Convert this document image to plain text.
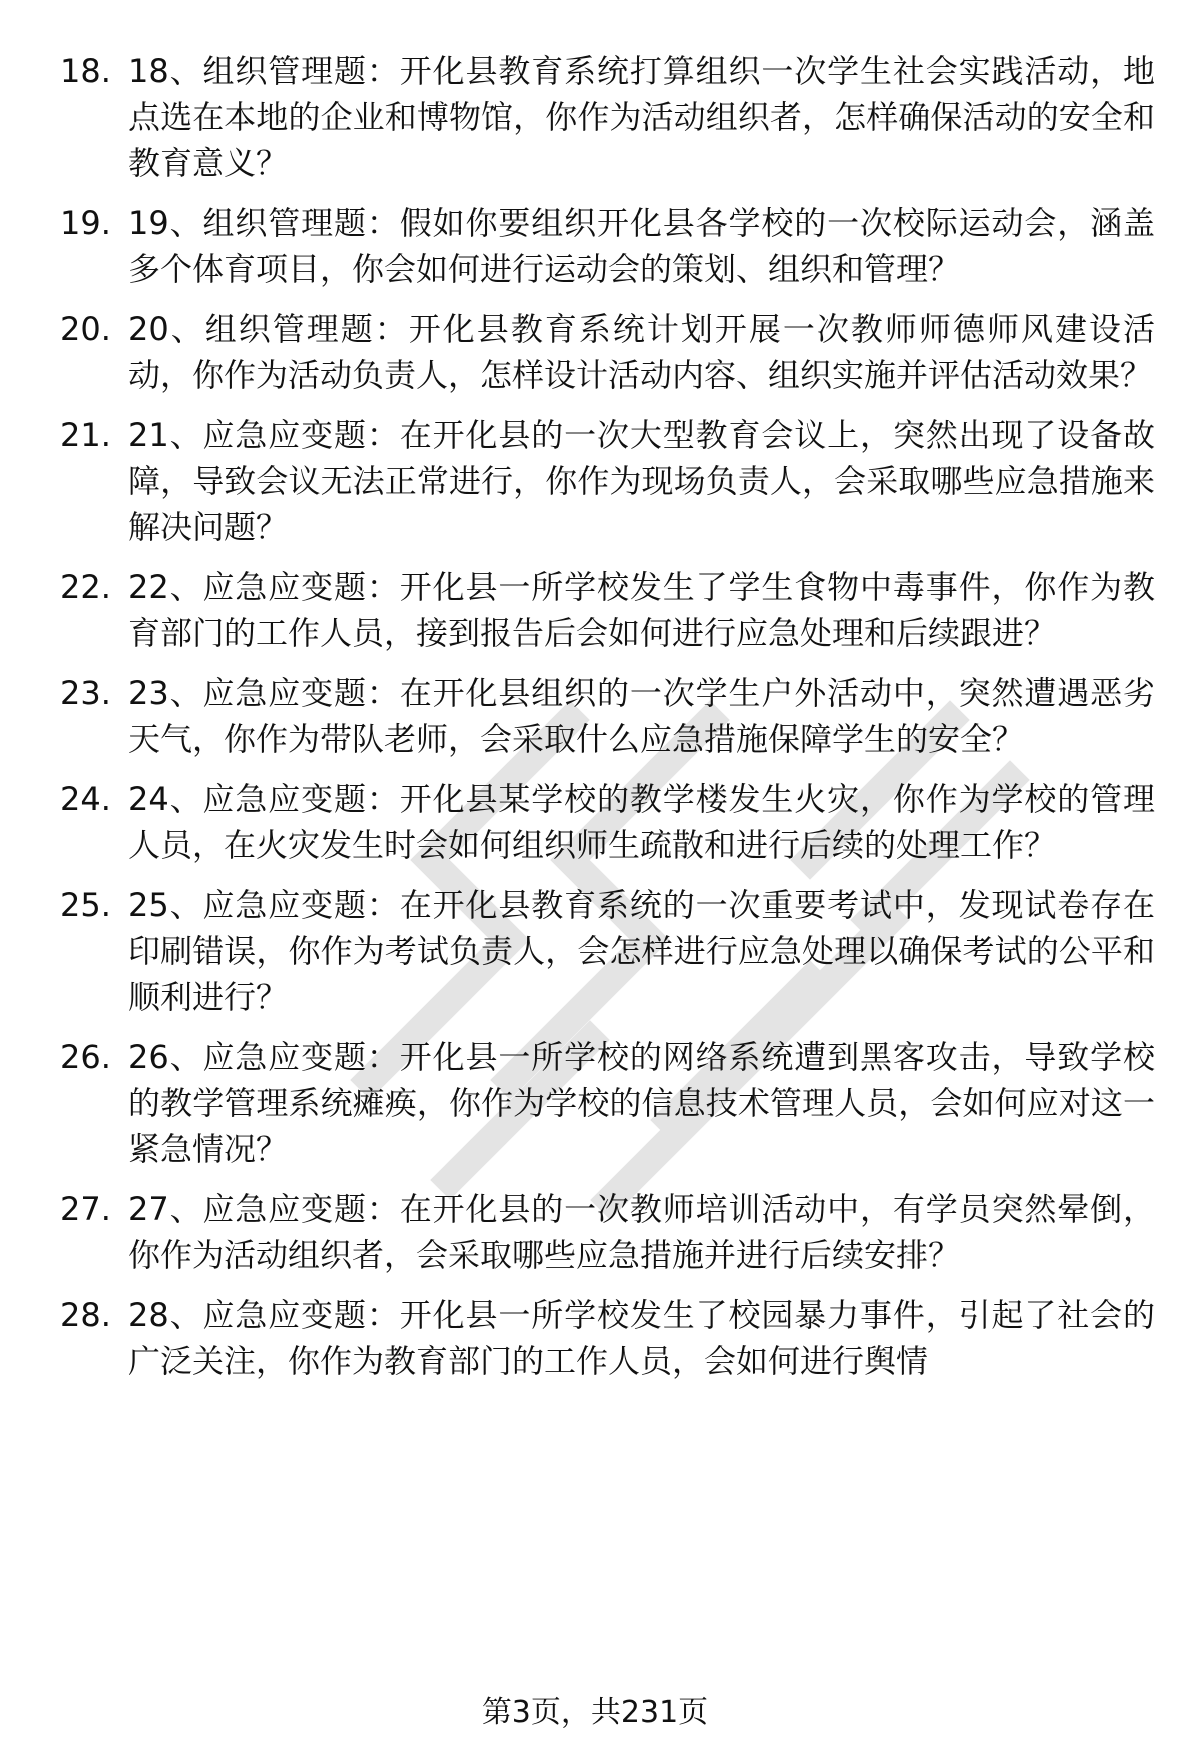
18. 18、组织管理题：开化县教育系统打算组织一次学生社会实践活动，地点选在本地的企业和博物馆，你作为活动组织者，怎样确保活动的安全和教育意义？
19. 19、组织管理题：假如你要组织开化县各学校的一次校际运动会，涵盖多个体育项目，你会如何进行运动会的策划、组织和管理？
20. 20、组织管理题：开化县教育系统计划开展一次教师师德师风建设活动，你作为活动负责人，怎样设计活动内容、组织实施并评估活动效果？
21. 21、应急应变题：在开化县的一次大型教育会议上，突然出现了设备故障，导致会议无法正常进行，你作为现场负责人，会采取哪些应急措施来解决问题？
22. 22、应急应变题：开化县一所学校发生了学生食物中毒事件，你作为教育部门的工作人员，接到报告后会如何进行应急处理和后续跟进？
23. 23、应急应变题：在开化县组织的一次学生户外活动中，突然遭遇恶劣天气，你作为带队老师，会采取什么应急措施保障学生的安全？
24. 24、应急应变题：开化县某学校的教学楼发生火灾，你作为学校的管理人员，在火灾发生时会如何组织师生疏散和进行后续的处理工作？
25. 25、应急应变题：在开化县教育系统的一次重要考试中，发现试卷存在印刷错误，你作为考试负责人，会怎样进行应急处理以确保考试的公平和顺利进行？
26. 26、应急应变题：开化县一所学校的网络系统遭到黑客攻击，导致学校的教学管理系统瘫痪，你作为学校的信息技术管理人员，会如何应对这一紧急情况？
27. 27、应急应变题：在开化县的一次教师培训活动中，有学员突然晕倒，你作为活动组织者，会采取哪些应急措施并进行后续安排？
28. 28、应急应变题：开化县一所学校发生了校园暴力事件，引起了社会的广泛关注，你作为教育部门的工作人员，会如何进行舆情
第3页，共231页
